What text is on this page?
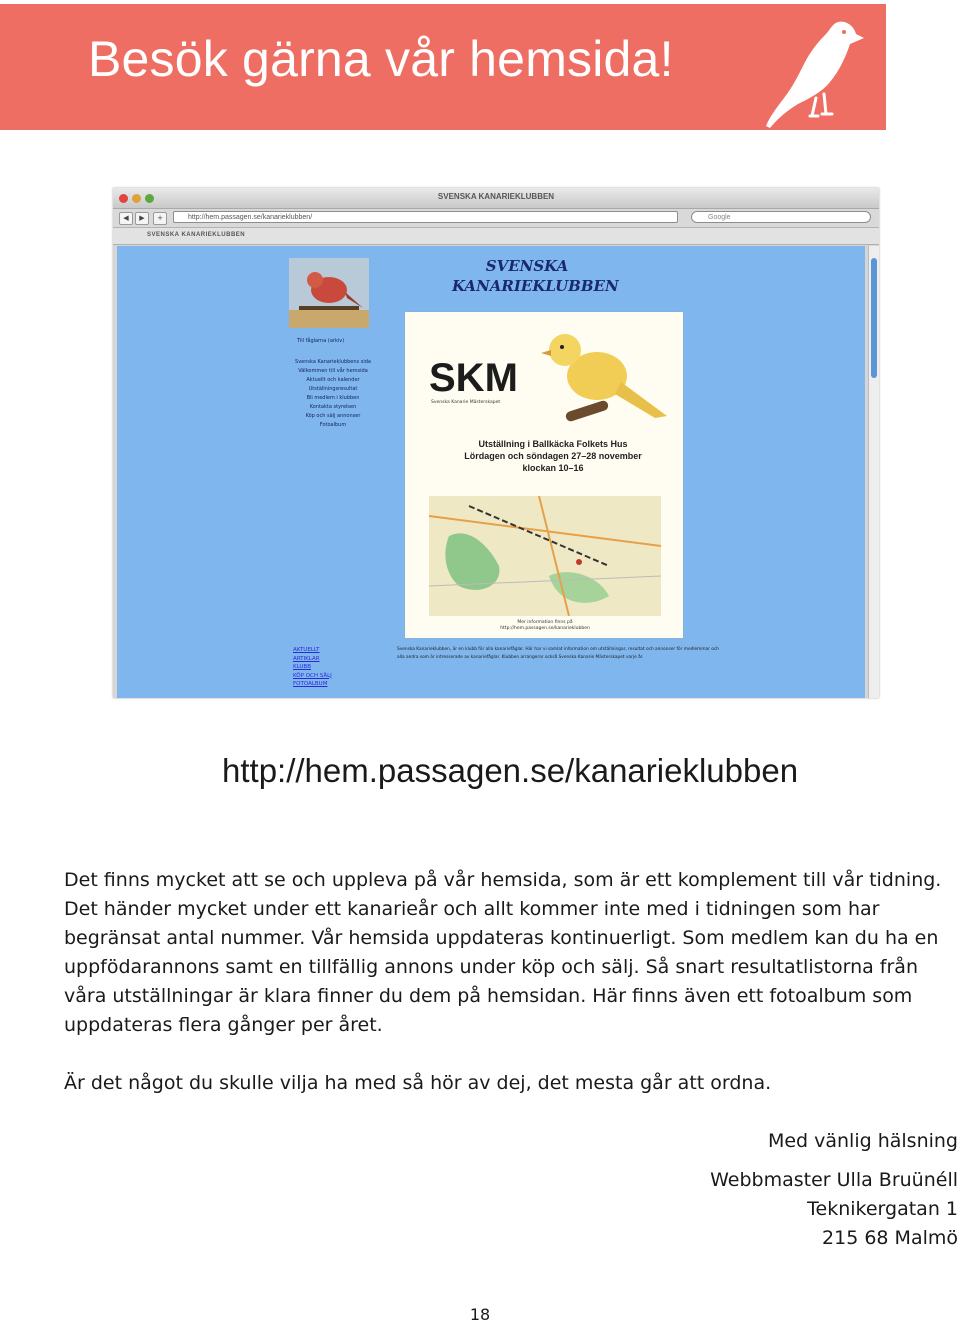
Besök gärna vår hemsida!
SVENSKA KANARIEKLUBBEN
◀	▶	+	http://hem.passagen.se/kanarieklubben/	Google
SVENSKA KANARIEKLUBBEN
Till fåglarna (arkiv)
Svenska Kanarieklubbens sida
Välkommen till vår hemsida
Aktuellt och kalender
Utställningsresultat
Bli medlem i klubben
Kontakta styrelsen
Köp och sälj annonser
Fotoalbum
AKTUELLT
ARTIKLAR
KLUBB
KÖP OCH SÄLJ
FOTOALBUM
SVENSKA
KANARIEKLUBBEN
SKM
Svenska Kanarie Mästerskapet
Utställning i Ballkäcka Folkets Hus
Lördagen och söndagen 27–28 november
klockan 10–16
Mer information finns på
http://hem.passagen.se/kanarieklubben
Svenska Kanarieklubben, är en klubb för alla kanariefåglar. Här har vi samlat information om utställningar, resultat och annonser för medlemmar och alla andra som är intresserade av kanariefåglar. Klubben arrangerar också Svenska Kanarie Mästerskapet varje år.
http://hem.passagen.se/kanarieklubben
Det finns mycket att se och uppleva på vår hemsida, som är ett komplement till vår tidning. Det händer mycket under ett kanarieår och allt kommer inte med i tidningen som har begränsat antal nummer. Vår hemsida uppdateras kontinuerligt. Som medlem kan du ha en uppfödarannons samt en tillfällig annons under köp och sälj. Så snart resultatlistorna från våra utställningar är klara finner du dem på hemsidan. Här finns även ett fotoalbum som uppdateras flera gånger per året.
Är det något du skulle vilja ha med så hör av dej, det mesta går att ordna.
Med vänlig hälsning
Webbmaster Ulla Bruünéll
Teknikergatan 1
215 68 Malmö
18
